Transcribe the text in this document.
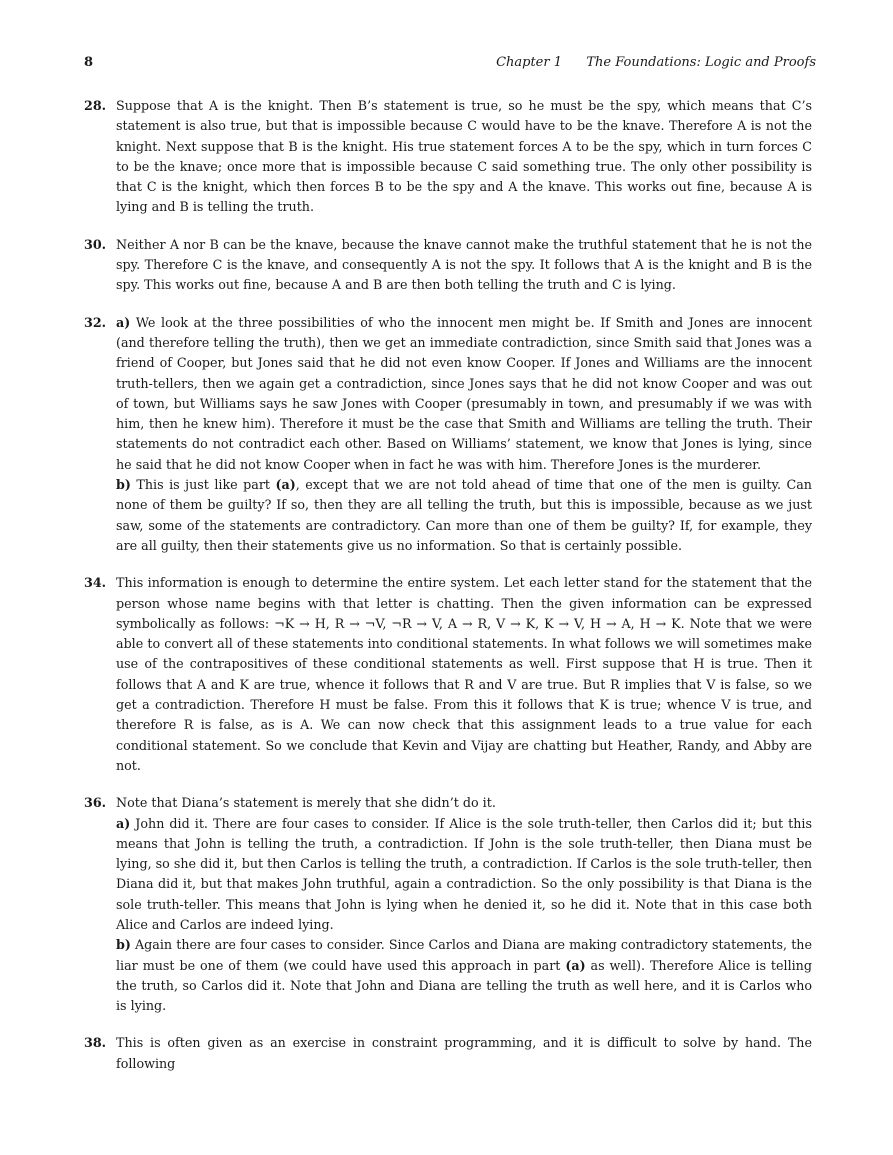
8	Chapter 1 The Foundations: Logic and Proofs
28. Suppose that A is the knight. Then B’s statement is true, so he must be the spy, which means that C’s statement is also true, but that is impossible because C would have to be the knave. Therefore A is not the knight. Next suppose that B is the knight. His true statement forces A to be the spy, which in turn forces C to be the knave; once more that is impossible because C said something true. The only other possibility is that C is the knight, which then forces B to be the spy and A the knave. This works out fine, because A is lying and B is telling the truth.

30. Neither A nor B can be the knave, because the knave cannot make the truthful statement that he is not the spy. Therefore C is the knave, and consequently A is not the spy. It follows that A is the knight and B is the spy. This works out fine, because A and B are then both telling the truth and C is lying.

32. a) We look at the three possibilities of who the innocent men might be. If Smith and Jones are innocent (and therefore telling the truth), then we get an immediate contradiction, since Smith said that Jones was a friend of Cooper, but Jones said that he did not even know Cooper. If Jones and Williams are the innocent truth-tellers, then we again get a contradiction, since Jones says that he did not know Cooper and was out of town, but Williams says he saw Jones with Cooper (presumably in town, and presumably if we was with him, then he knew him). Therefore it must be the case that Smith and Williams are telling the truth. Their statements do not contradict each other. Based on Williams’ statement, we know that Jones is lying, since he said that he did not know Cooper when in fact he was with him. Therefore Jones is the murderer.

b) This is just like part (a), except that we are not told ahead of time that one of the men is guilty. Can none of them be guilty? If so, then they are all telling the truth, but this is impossible, because as we just saw, some of the statements are contradictory. Can more than one of them be guilty? If, for example, they are all guilty, then their statements give us no information. So that is certainly possible.

34. This information is enough to determine the entire system. Let each letter stand for the statement that the person whose name begins with that letter is chatting. Then the given information can be expressed symbolically as follows: ¬K → H, R → ¬V, ¬R → V, A → R, V → K, K → V, H → A, H → K. Note that we were able to convert all of these statements into conditional statements. In what follows we will sometimes make use of the contrapositives of these conditional statements as well. First suppose that H is true. Then it follows that A and K are true, whence it follows that R and V are true. But R implies that V is false, so we get a contradiction. Therefore H must be false. From this it follows that K is true; whence V is true, and therefore R is false, as is A. We can now check that this assignment leads to a true value for each conditional statement. So we conclude that Kevin and Vijay are chatting but Heather, Randy, and Abby are not.

36. Note that Diana’s statement is merely that she didn’t do it.

a) John did it. There are four cases to consider. If Alice is the sole truth-teller, then Carlos did it; but this means that John is telling the truth, a contradiction. If John is the sole truth-teller, then Diana must be lying, so she did it, but then Carlos is telling the truth, a contradiction. If Carlos is the sole truth-teller, then Diana did it, but that makes John truthful, again a contradiction. So the only possibility is that Diana is the sole truth-teller. This means that John is lying when he denied it, so he did it. Note that in this case both Alice and Carlos are indeed lying.

b) Again there are four cases to consider. Since Carlos and Diana are making contradictory statements, the liar must be one of them (we could have used this approach in part (a) as well). Therefore Alice is telling the truth, so Carlos did it. Note that John and Diana are telling the truth as well here, and it is Carlos who is lying.

38. This is often given as an exercise in constraint programming, and it is difficult to solve by hand. The following
